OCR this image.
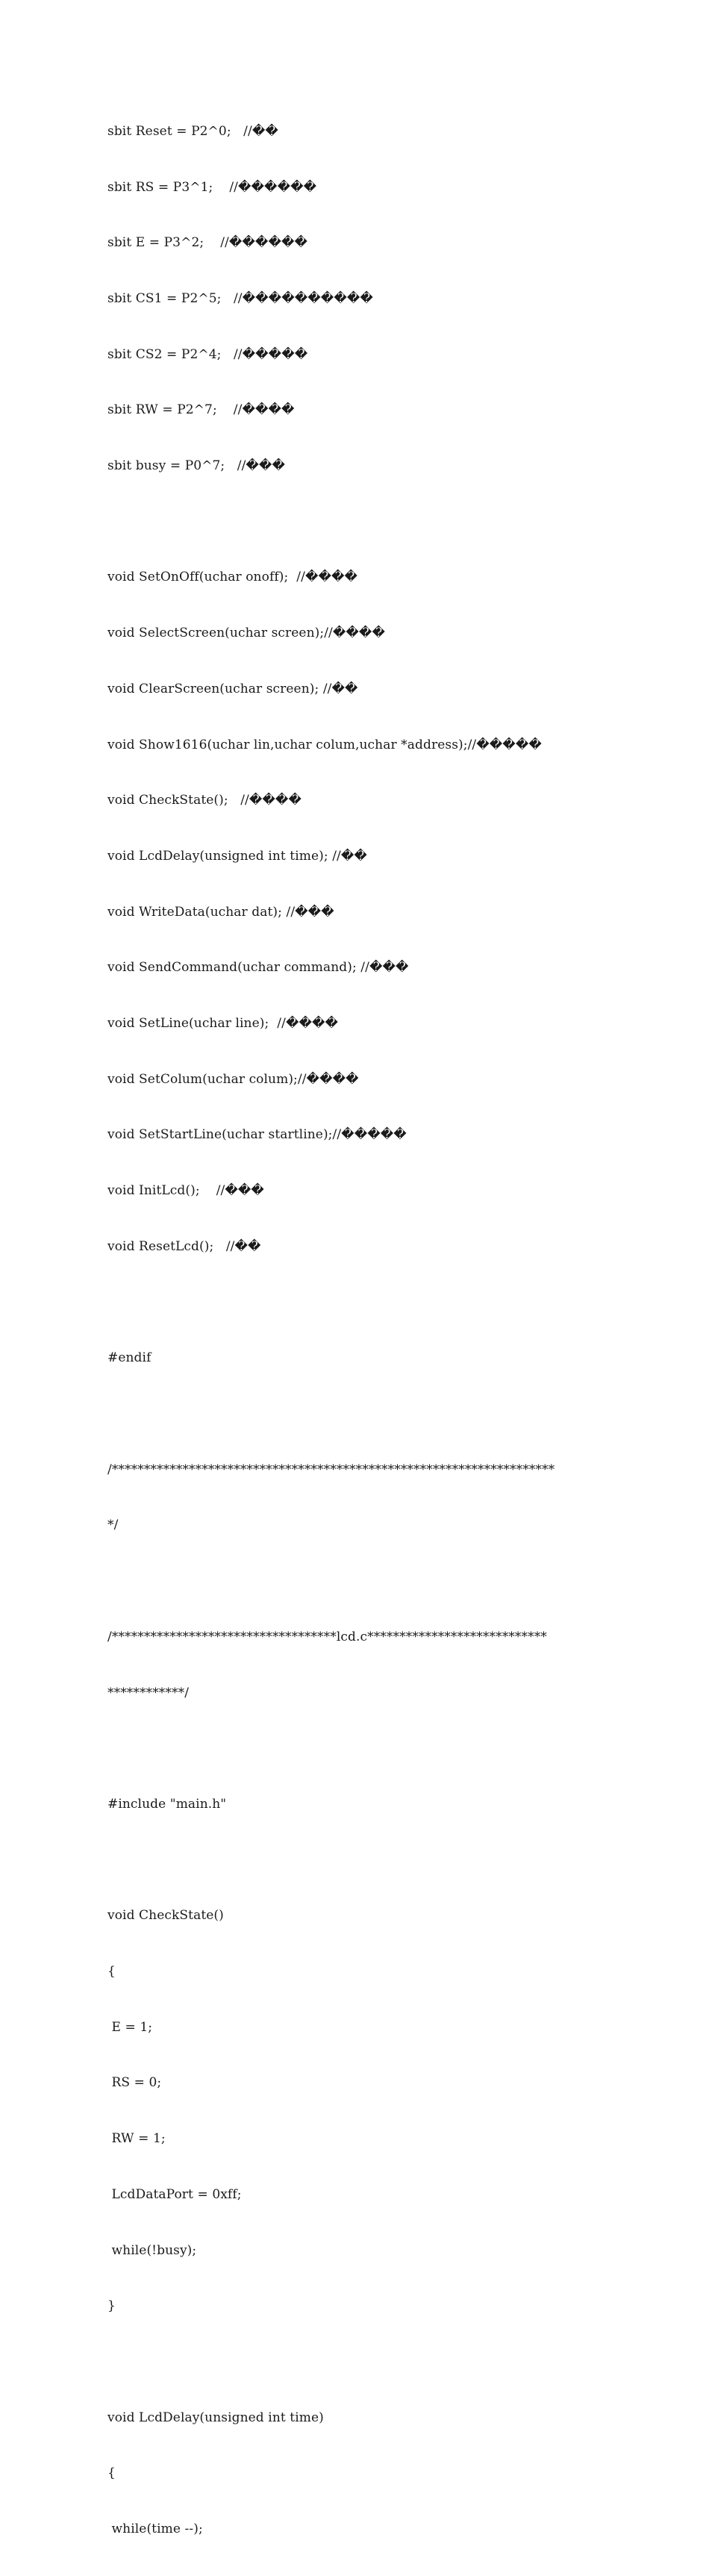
sbit Reset = P2^0;   //��

sbit RS = P3^1;    //������

sbit E = P3^2;    //������

sbit CS1 = P2^5;   //����������

sbit CS2 = P2^4;   //�����

sbit RW = P2^7;    //����

sbit busy = P0^7;   //���

void SetOnOff(uchar onoff);  //����

void SelectScreen(uchar screen);//����

void ClearScreen(uchar screen); //��

void Show1616(uchar lin,uchar colum,uchar *address);//�����

void CheckState();   //����

void LcdDelay(unsigned int time); //��

void WriteData(uchar dat); //���

void SendCommand(uchar command); //���

void SetLine(uchar line);  //����

void SetColum(uchar colum);//����

void SetStartLine(uchar startline);//�����

void InitLcd();    //���

void ResetLcd();   //��

#endif

/*********************************************************************

*/

/***********************************lcd.c****************************

************/

#include "main.h"

void CheckState()

{

E = 1;

RS = 0;

RW = 1;

LcdDataPort = 0xff;

while(!busy);

}

void LcdDelay(unsigned int time)

{

while(time --);
